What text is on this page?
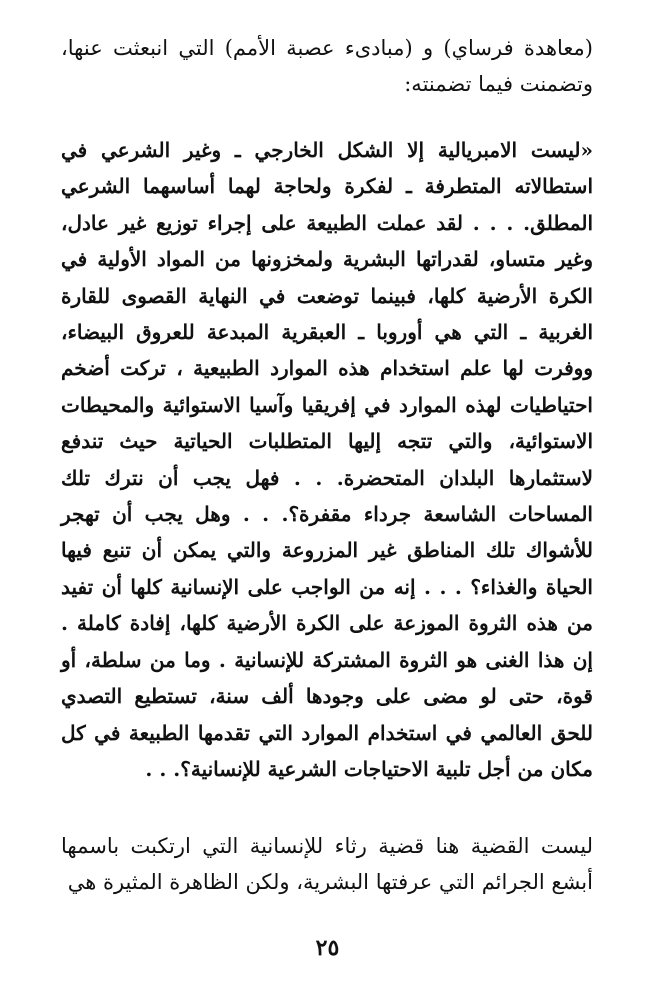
(معاهدة فرساي) و (مبادىء عصبة الأمم) التي انبعثت عنها، وتضمنت فيما تضمنته:

«ليست الامبريالية إلا الشكل الخارجي ـ وغير الشرعي في استطالاته المتطرفة ـ لفكرة ولحاجة لهما أساسهما الشرعي المطلق. . . . لقد عملت الطبيعة على إجراء توزيع غير عادل، وغير متساو، لقدراتها البشرية ولمخزونها من المواد الأولية في الكرة الأرضية كلها، فبينما توضعت في النهاية القصوى للقارة الغربية ـ التي هي أوروبا ـ العبقرية المبدعة للعروق البيضاء، ووفرت لها علم استخدام هذه الموارد الطبيعية ، تركت أضخم احتياطيات لهذه الموارد في إفريقيا وآسيا الاستوائية والمحيطات الاستوائية، والتي تتجه إليها المتطلبات الحياتية حيث تندفع لاستثمارها البلدان المتحضرة. . . فهل يجب أن نترك تلك المساحات الشاسعة جرداء مقفرة؟. . . وهل يجب أن تهجر للأشواك تلك المناطق غير المزروعة والتي يمكن أن تنبع فيها الحياة والغذاء؟ . . . إنه من الواجب على الإنسانية كلها أن تفيد من هذه الثروة الموزعة على الكرة الأرضية كلها، إفادة كاملة . إن هذا الغنى هو الثروة المشتركة للإنسانية . وما من سلطة، أو قوة، حتى لو مضى على وجودها ألف سنة، تستطيع التصدي للحق العالمي في استخدام الموارد التي تقدمها الطبيعة في كل مكان من أجل تلبية الاحتياجات الشرعية للإنسانية؟. . .

ليست القضية هنا قضية رثاء للإنسانية التي ارتكبت باسمها أبشع الجرائم التي عرفتها البشرية، ولكن الظاهرة المثيرة هي

٢٥
